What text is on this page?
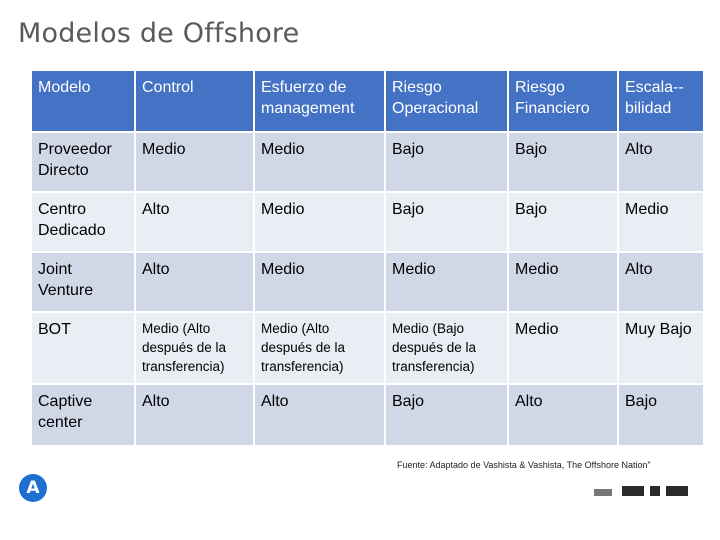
Modelos de Offshore
Modelo	Control	Esfuerzo de management	Riesgo Operacional	Riesgo Financiero	Escala--bilidad
Proveedor Directo	Medio	Medio	Bajo	Bajo	Alto
Centro Dedicado	Alto	Medio	Bajo	Bajo	Medio
Joint Venture	Alto	Medio	Medio	Medio	Alto
BOT	Medio (Alto después de la transferencia)	Medio (Alto después de la transferencia)	Medio (Bajo después de la transferencia)	Medio	Muy Bajo
Captive center	Alto	Alto	Bajo	Alto	Bajo
Fuente: Adaptado de Vashista & Vashista, The Offshore Nation”
A
